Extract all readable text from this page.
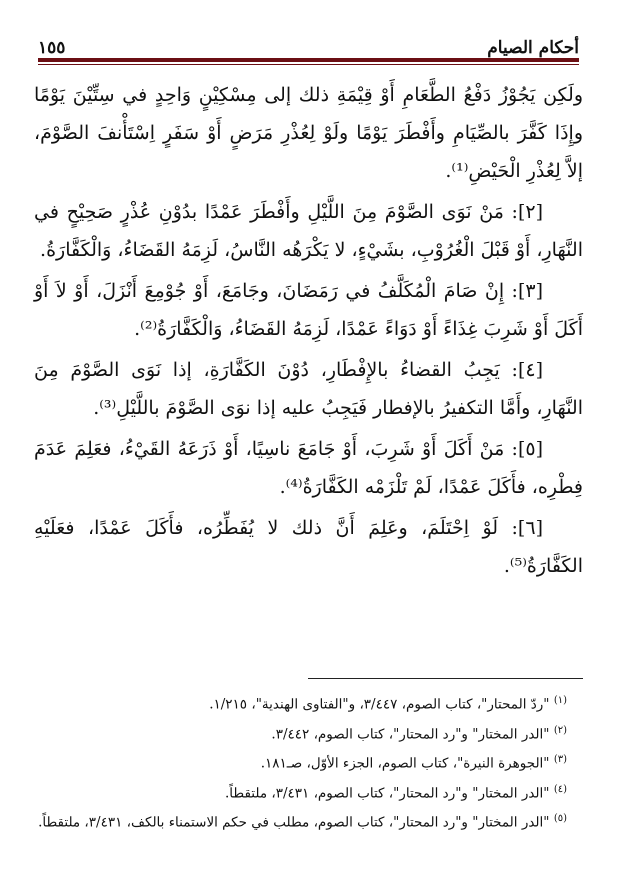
١٥٥	أحكام الصيام

ولَكِن يَجُوْزُ دَفْعُ الطَّعَامِ أَوْ قِيْمَةِ ذلك إلى مِسْكِيْنٍ وَاحِدٍ في سِتِّيْنَ يَوْمًا وإِذَا كَفَّرَ بالصِّيَامِ وأَفْطَرَ يَوْمًا ولَوْ لِعُذْرِ مَرَضٍ أَوْ سَفَرٍ اِسْتَأْنفَ الصَّوْمَ، إلاَّ لِعُذْرِ الْحَيْضِ⁽¹⁾.

[٢]: مَنْ نَوَى الصَّوْمَ مِنَ اللَّيْلِ وأَفْطَرَ عَمْدًا بدُوْنِ عُذْرٍ صَحِيْحٍ في النَّهَارِ، أَوْ قَبْلَ الْغُرُوْبِ، بشَيْءٍ، لا يَكْرَهُه النَّاسُ، لَزِمَهُ القَضَاءُ، وَالْكَفَّارَةُ.

[٣]: إِنْ صَامَ الْمُكَلَّفُ في رَمَضَانَ، وجَامَعَ، أَوْ جُوْمِعَ أَنْزَلَ، أَوْ لاَ أَوْ أَكَلَ أَوْ شَرِبَ غِذَاءً أَوْ دَوَاءً عَمْدًا، لَزِمَهُ القَضَاءُ، وَالْكَفَّارَةُ⁽²⁾.

[٤]: يَجِبُ القضاءُ بالإِفْطَارِ، دُوْنَ الكَفَّارَةِ، إذا نَوَى الصَّوْمَ مِنَ النَّهَارِ، وأَمَّا التكفيرُ بالإفطار فَيَجِبُ عليه إذا نوَى الصَّوْمَ باللَّيْلِ⁽³⁾.

[٥]: مَنْ أَكَلَ أَوْ شَرِبَ، أَوْ جَامَعَ ناسِيًا، أَوْ ذَرَعَهُ القَيْءُ، فعَلِمَ عَدَمَ فِطْرِه، فأَكَلَ عَمْدًا، لَمْ تَلْزَمْه الكَفَّارَةُ⁽⁴⁾.

[٦]: لَوْ اِحْتَلَمَ، وعَلِمَ أَنَّ ذلك لا يُفَطِّرُه، فأَكَلَ عَمْدًا، فعَلَيْهِ الكَفَّارَةُ⁽⁵⁾.

$^{(١)}$ "ردّ المحتار"، كتاب الصوم، ٣/٤٤٧، و"الفتاوى الهندية"، ١/٢١٥.

$^{(٢)}$ "الدر المختار" و"رد المحتار"، كتاب الصوم، ٣/٤٤٢.

$^{(٣)}$ "الجوهرة النيرة"، كتاب الصوم، الجزء الأوّل، صـ١٨١.

$^{(٤)}$ "الدر المختار" و"رد المحتار"، كتاب الصوم، ٣/٤٣١، ملتقطاً.

$^{(٥)}$ "الدر المختار" و"رد المحتار"، كتاب الصوم، مطلب في حكم الاستمناء بالكف، ٣/٤٣١، ملتقطاً.
